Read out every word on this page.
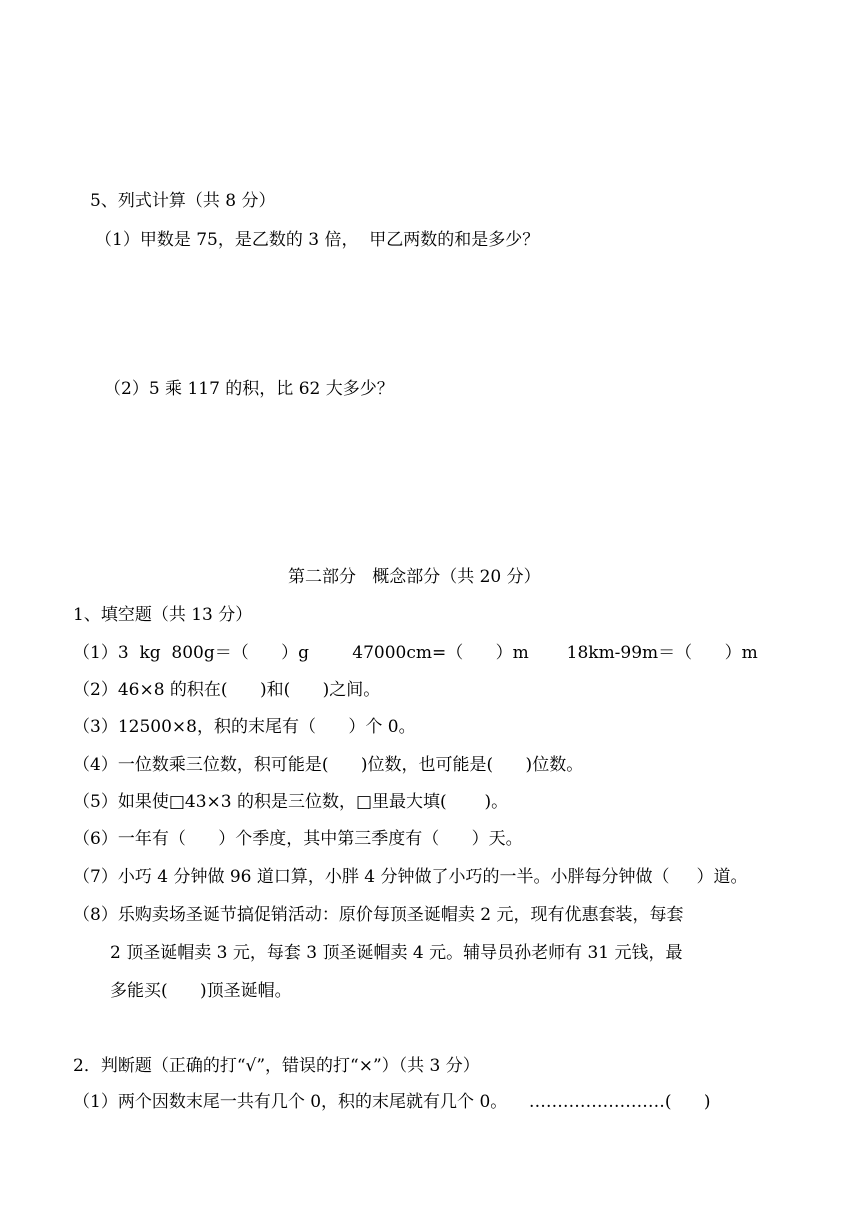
5、列式计算（共 8 分）
（1）甲数是 75，是乙数的 3 倍，  甲乙两数的和是多少？
（2）5 乘 117 的积，比 62 大多少？
第二部分   概念部分（共 20 分）
1、填空题（共 13 分）
（1）3  kg  800g＝（      ）g        47000cm=（      ）m       18km-99m＝（      ）m
（2）46×8 的积在(      )和(      )之间。
（3）12500×8，积的末尾有（      ）个 0。
（4）一位数乘三位数，积可能是(      )位数，也可能是(      )位数。
（5）如果使□43×3 的积是三位数，□里最大填(       )。
（6）一年有（      ）个季度，其中第三季度有（      ）天。
（7）小巧 4 分钟做 96 道口算，小胖 4 分钟做了小巧的一半。小胖每分钟做（     ）道。
（8）乐购卖场圣诞节搞促销活动：原价每顶圣诞帽卖 2 元，现有优惠套装，每套
2 顶圣诞帽卖 3 元，每套 3 顶圣诞帽卖 4 元。辅导员孙老师有 31 元钱，最
多能买(      )顶圣诞帽。
2．判断题（正确的打“√”，错误的打“×”）（共 3 分）
（1）两个因数末尾一共有几个 0，积的末尾就有几个 0。    ……………………(      )
